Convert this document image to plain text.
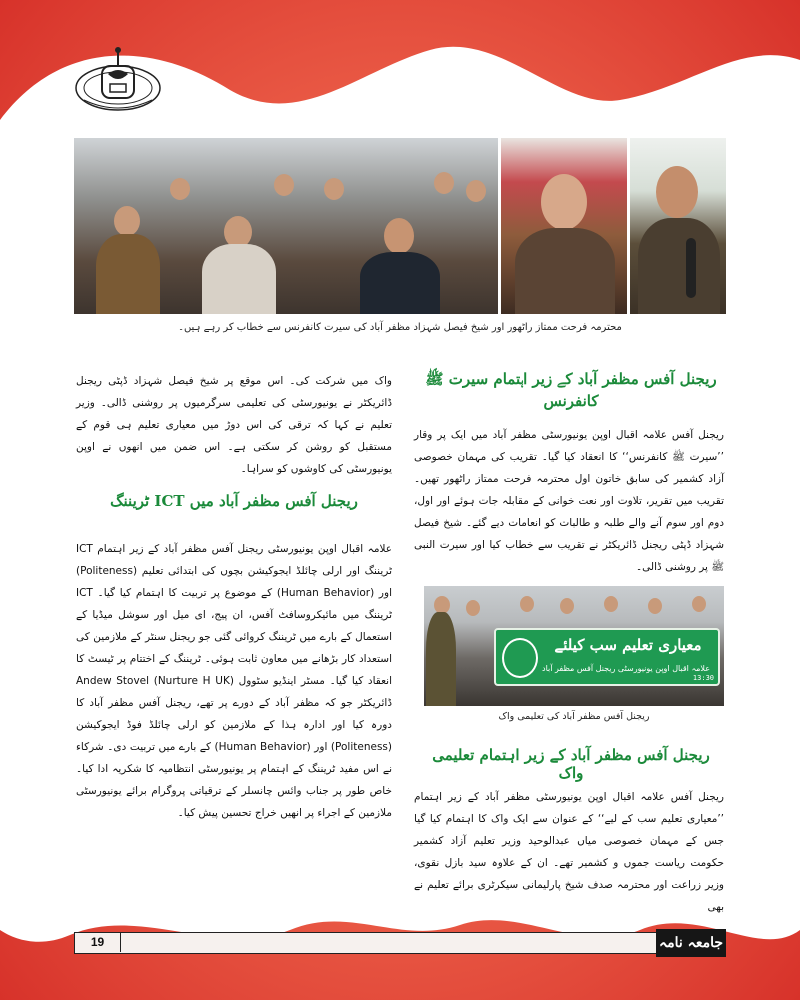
محترمہ فرحت ممتاز راٹھور اور شیخ فیصل شہزاد مظفر آباد کی سیرت کانفرنس سے خطاب کر رہے ہیں۔
ریجنل آفس مظفر آباد کے زیر اہتمام سیرت ﷺ کانفرنس
ریجنل آفس علامہ اقبال اوپن یونیورسٹی مظفر آباد میں ایک پر وقار ’’سیرت ﷺ کانفرنس‘‘ کا انعقاد کیا گیا۔ تقریب کی مہمان خصوصی آزاد کشمیر کی سابق خاتون اول محترمہ فرحت ممتاز راٹھور تھیں۔ تقریب میں تقریر، تلاوت اور نعت خوانی کے مقابلہ جات ہوئے اور اول، دوم اور سوم آنے والے طلبہ و طالبات کو انعامات دیے گئے۔ شیخ فیصل شہزاد ڈپٹی ریجنل ڈائریکٹر نے تقریب سے خطاب کیا اور سیرت النبی ﷺ پر روشنی ڈالی۔
معیاری تعلیم سب کیلئے
علامہ اقبال اوپن یونیورسٹی ریجنل آفس مظفر آباد
13:30
ریجنل آفس مظفر آباد کی تعلیمی واک
ریجنل آفس مظفر آباد کے زیر اہتمام تعلیمی واک
ریجنل آفس علامہ اقبال اوپن یونیورسٹی مظفر آباد کے زیر اہتمام ’’معیاری تعلیم سب کے لیے‘‘ کے عنوان سے ایک واک کا اہتمام کیا گیا جس کے مہمان خصوصی میاں عبدالوحید وزیر تعلیم آزاد کشمیر حکومت ریاست جموں و کشمیر تھے۔ ان کے علاوہ سید بازل نقوی، وزیر زراعت اور محترمہ صدف شیخ پارلیمانی سیکرٹری برائے تعلیم نے بھی
واک میں شرکت کی۔ اس موقع پر شیخ فیصل شہزاد ڈپٹی ریجنل ڈائریکٹر نے یونیورسٹی کی تعلیمی سرگرمیوں پر روشنی ڈالی۔ وزیر تعلیم نے کہا کہ ترقی کی اس دوڑ میں معیاری تعلیم ہی قوم کے مستقبل کو روشن کر سکتی ہے۔ اس ضمن میں انھوں نے اوپن یونیورسٹی کی کاوشوں کو سراہا۔
ریجنل آفس مظفر آباد میں ICT ٹریننگ
علامہ اقبال اوپن یونیورسٹی ریجنل آفس مظفر آباد کے زیر اہتمام ICT ٹریننگ اور ارلی چائلڈ ایجوکیشن بچوں کی ابتدائی تعلیم (Politeness) اور (Human Behavior) کے موضوع پر تربیت کا اہتمام کیا گیا۔ ICT ٹریننگ میں مائیکروسافٹ آفس، ان پیج، ای میل اور سوشل میڈیا کے استعمال کے بارے میں ٹریننگ کروائی گئی جو ریجنل سنٹر کے ملازمین کی استعداد کار بڑھانے میں معاون ثابت ہوئی۔ ٹریننگ کے اختتام پر ٹیسٹ کا انعقاد کیا گیا۔ مسٹر اینڈیو سٹوول Andew Stovel (Nurture H UK) ڈائریکٹر جو کہ مظفر آباد کے دورے پر تھے، ریجنل آفس مظفر آباد کا دورہ کیا اور ادارہ ہذا کے ملازمین کو ارلی چائلڈ فوڈ ایجوکیشن (Politeness) اور (Human Behavior) کے بارے میں تربیت دی۔ شرکاء نے اس مفید ٹریننگ کے اہتمام پر یونیورسٹی انتظامیہ کا شکریہ ادا کیا۔ خاص طور پر جناب وائس چانسلر کے ترقیاتی پروگرام برائے یونیورسٹی ملازمین کے اجراء پر انھیں خراج تحسین پیش کیا۔
19	جامعہ نامہ
